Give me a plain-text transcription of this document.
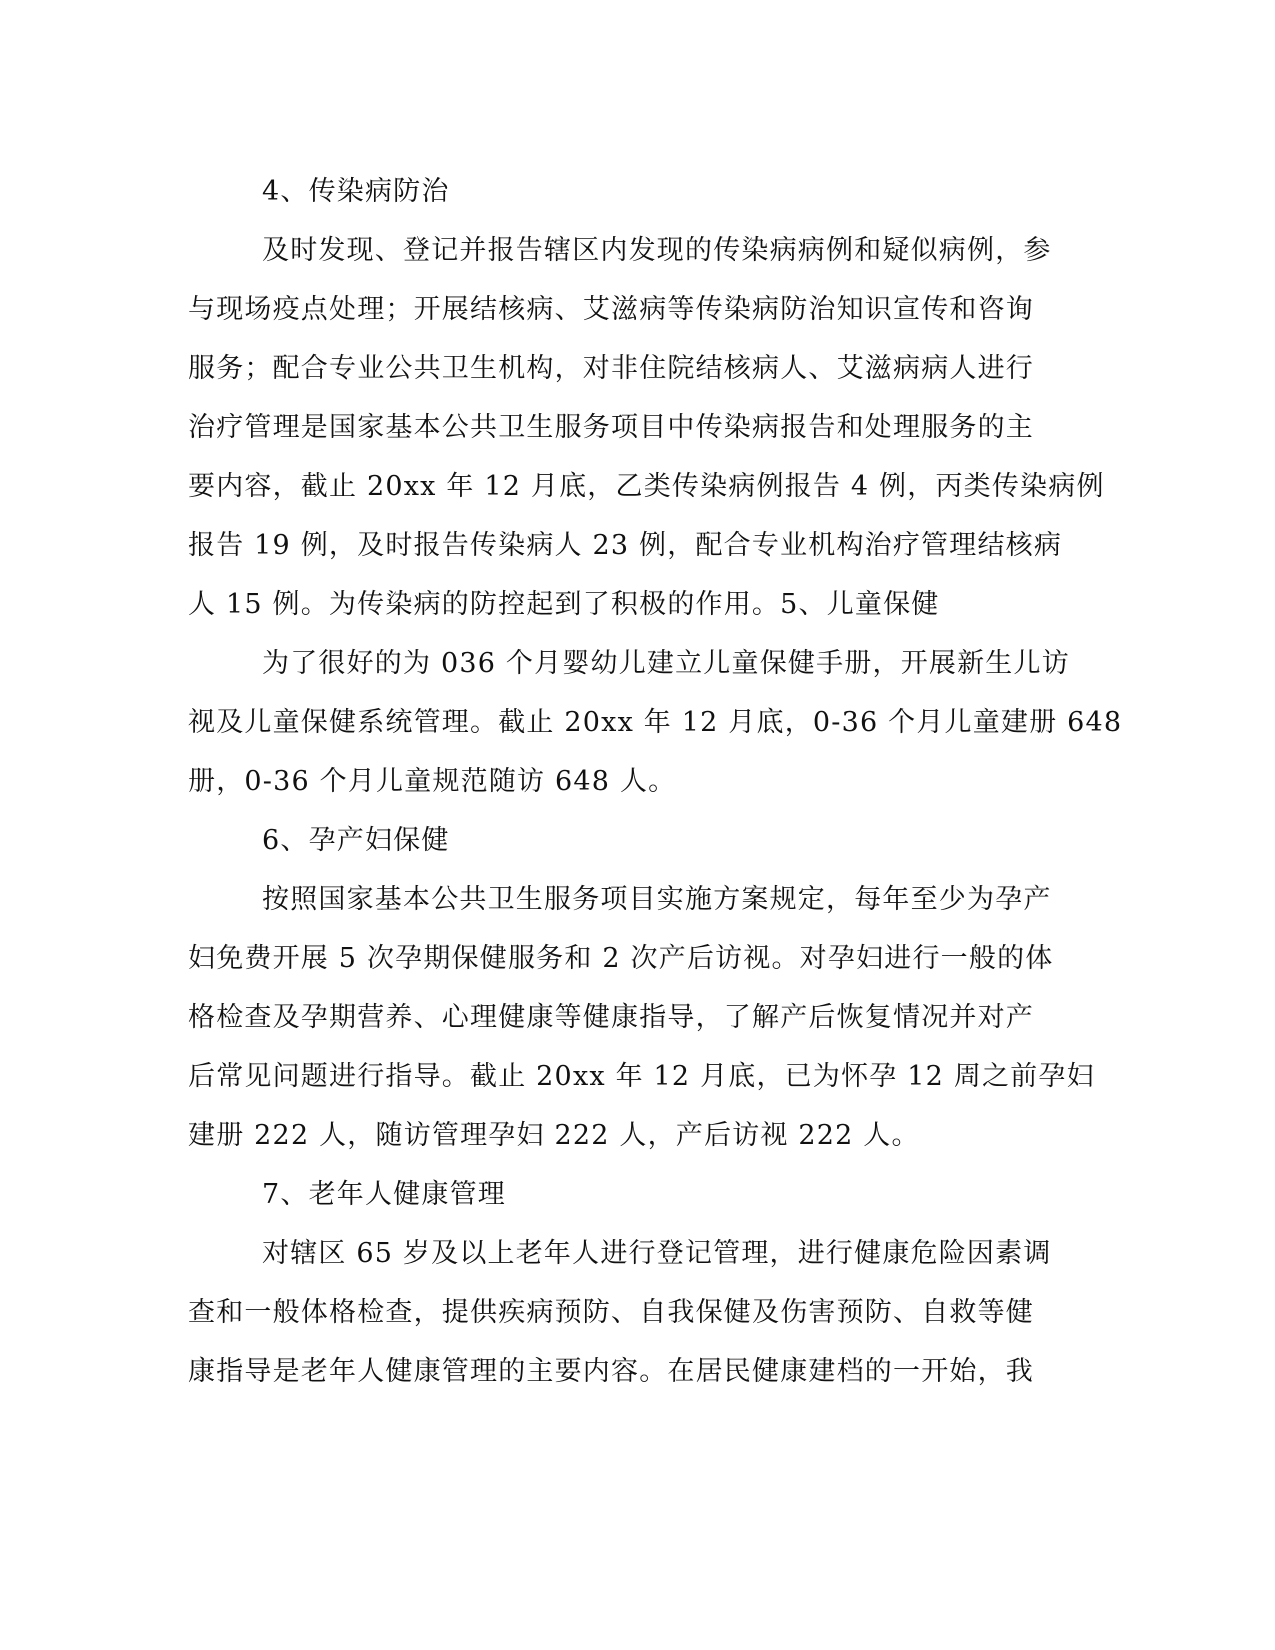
4、传染病防治
及时发现、登记并报告辖区内发现的传染病病例和疑似病例，参
与现场疫点处理；开展结核病、艾滋病等传染病防治知识宣传和咨询
服务；配合专业公共卫生机构，对非住院结核病人、艾滋病病人进行
治疗管理是国家基本公共卫生服务项目中传染病报告和处理服务的主
要内容，截止 20xx 年 12 月底，乙类传染病例报告 4 例，丙类传染病例
报告 19 例，及时报告传染病人 23 例，配合专业机构治疗管理结核病
人 15 例。为传染病的防控起到了积极的作用。5、儿童保健
为了很好的为 036 个月婴幼儿建立儿童保健手册，开展新生儿访
视及儿童保健系统管理。截止 20xx 年 12 月底，0-36 个月儿童建册 648
册，0-36 个月儿童规范随访 648 人。
6、孕产妇保健
按照国家基本公共卫生服务项目实施方案规定，每年至少为孕产
妇免费开展 5 次孕期保健服务和 2 次产后访视。对孕妇进行一般的体
格检查及孕期营养、心理健康等健康指导，了解产后恢复情况并对产
后常见问题进行指导。截止 20xx 年 12 月底，已为怀孕 12 周之前孕妇
建册 222 人，随访管理孕妇 222 人，产后访视 222 人。
7、老年人健康管理
对辖区 65 岁及以上老年人进行登记管理，进行健康危险因素调
查和一般体格检查，提供疾病预防、自我保健及伤害预防、自救等健
康指导是老年人健康管理的主要内容。在居民健康建档的一开始，我
